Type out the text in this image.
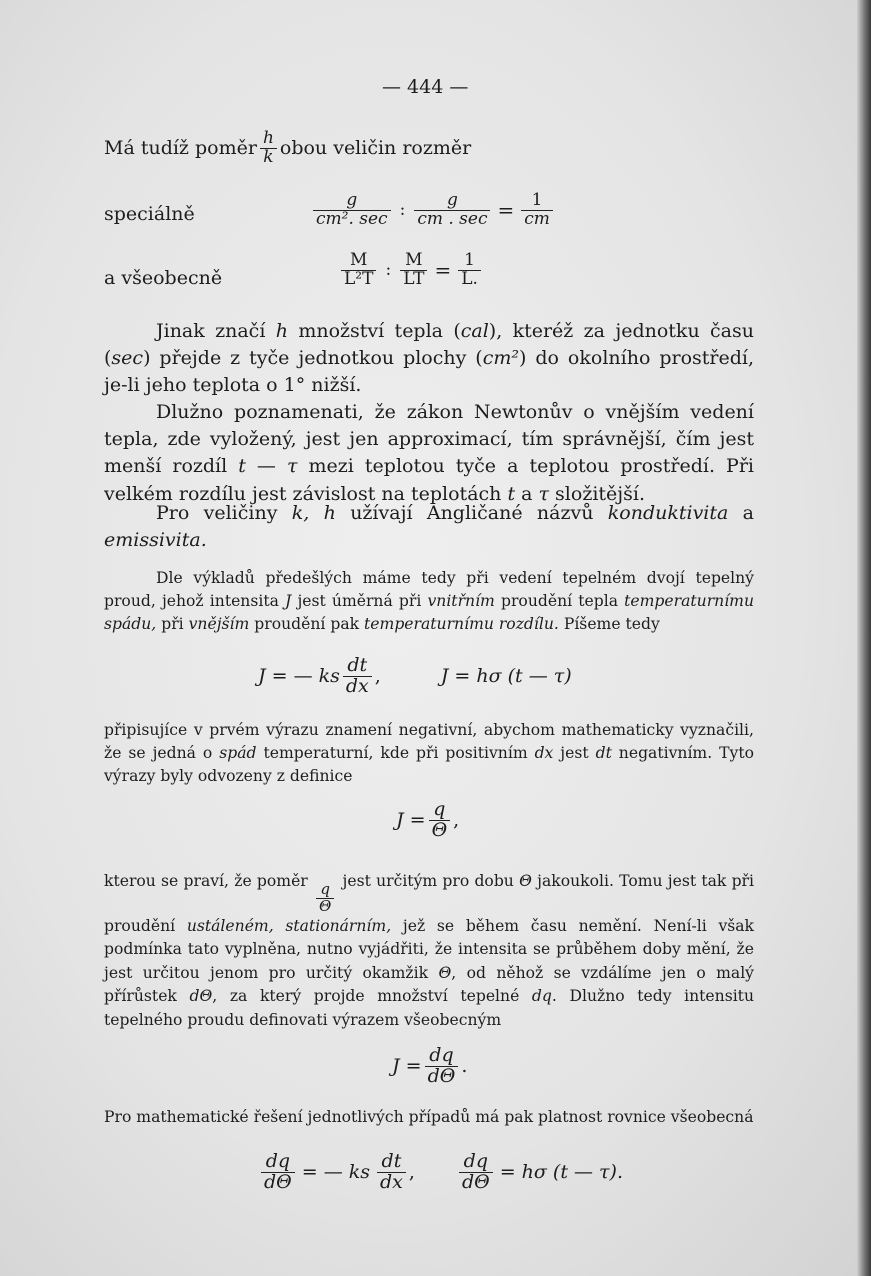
— 444 —
Má tudíž poměr $\frac{h}{k}$ obou veličin rozměr
speciálně	$\frac{g}{\text{cm². sec}}$ : $\frac{g}{cm . \sec} = \frac{1}{cm}$
a všeobecně	$\frac{M}{\text{L²T}}$ : $\frac{M}{LT} = \frac{1}{L.}$
Jinak značí h množství tepla (cal), kteréž za jednotku času (sec) přejde z tyče jednotkou plochy (cm²) do okolního prostředí, je-li jeho teplota o 1° nižší.
Dlužno poznamenati, že zákon Newtonův o vnějším vedení tepla, zde vyložený, jest jen approximací, tím správnější, čím jest menší rozdíl t — τ mezi teplotou tyče a teplotou prostředí. Při velkém rozdílu jest závislost na teplotách t a τ složitější.
Pro veličiny k, h užívají Angličané názvů konduktivita a emissivita.
Dle výkladů předešlých máme tedy při vedení tepelném dvojí tepelný proud, jehož intensita J jest úměrná při vnitřním proudění tepla temperaturnímu spádu, při vnějším proudění pak temperaturnímu rozdílu. Píšeme tedy
J = — ks $\frac{dt}{dx}$ ,	J = hσ (t — τ)
připisujíce v prvém výrazu znamení negativní, abychom mathematicky vyznačili, že se jedná o spád temperaturní, kde při positivním dx jest dt negativním. Tyto výrazy byly odvozeny z definice
$J = \frac{q}{\Theta}$ ,
kterou se praví, že poměr
$\frac{q}{\Theta}$
jest určitým pro dobu Θ jakoukoli. Tomu jest tak při proudění ustáleném, stationárním, jež se během času nemění. Není-li však podmínka tato vyplněna, nutno vyjádřiti, že intensita se průběhem doby mění, že jest určitou jenom pro určitý okamžik Θ, od něhož se vzdálíme jen o malý přírůstek dΘ, za který projde množství tepelné dq. Dlužno tedy intensitu tepelného proudu definovati výrazem všeobecným
$J = \frac{dq}{d\Theta}$ .
Pro mathematické řešení jednotlivých případů má pak platnost rovnice všeobecná
$\frac{dq}{d\Theta}$ = — ks $\frac{dt}{dx}$ , $\frac{dq}{d\Theta} = h\sigma$ (t — τ).
